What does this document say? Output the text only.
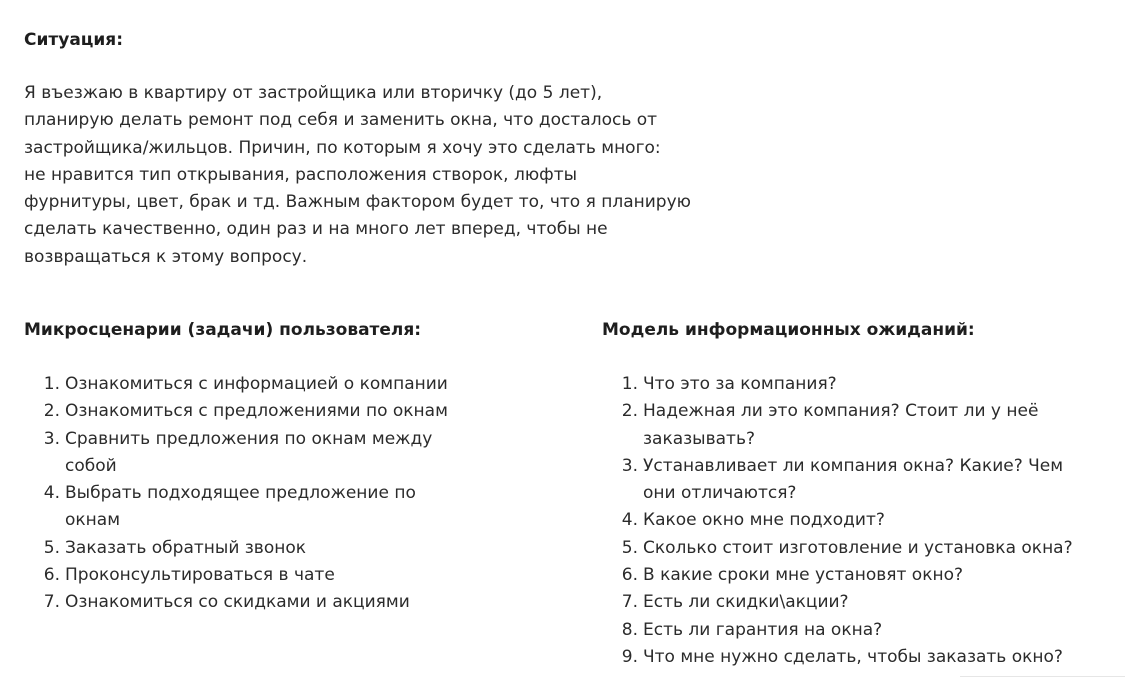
Ситуация:

Я въезжаю в квартиру от застройщика или вторичку (до 5 лет),
планирую делать ремонт под себя и заменить окна, что досталось от
застройщика/жильцов. Причин, по которым я хочу это сделать много:
не нравится тип открывания, расположения створок, люфты
фурнитуры, цвет, брак и тд. Важным фактором будет то, что я планирую
сделать качественно, один раз и на много лет вперед, чтобы не
возвращаться к этому вопросу.

Микросценарии (задачи) пользователя:
1. Ознакомиться с информацией о компании
2. Ознакомиться с предложениями по окнам
3. Сравнить предложения по окнам между
собой
4. Выбрать подходящее предложение по
окнам
5. Заказать обратный звонок
6. Проконсультироваться в чате
7. Ознакомиться со скидками и акциями
Модель информационных ожиданий:
1. Что это за компания?
2. Надежная ли это компания? Стоит ли у неё
заказывать?
3. Устанавливает ли компания окна? Какие? Чем
они отличаются?
4. Какое окно мне подходит?
5. Сколько стоит изготовление и установка окна?
6. В какие сроки мне установят окно?
7. Есть ли скидки\акции?
8. Есть ли гарантия на окна?
9. Что мне нужно сделать, чтобы заказать окно?
